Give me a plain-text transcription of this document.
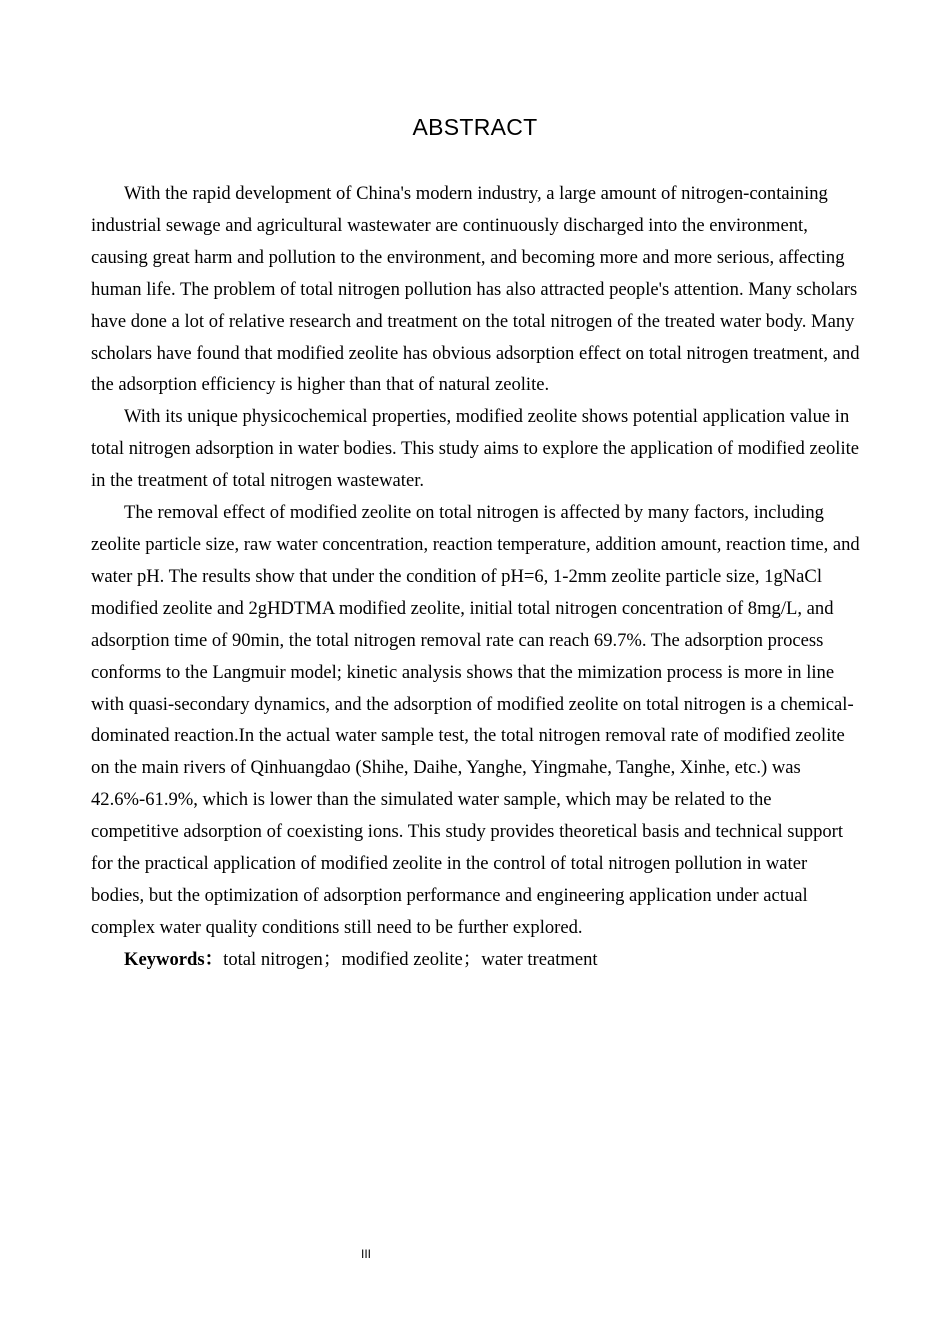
ABSTRACT

With the rapid development of China's modern industry, a large amount of nitrogen-containing industrial sewage and agricultural wastewater are continuously discharged into the environment, causing great harm and pollution to the environment, and becoming more and more serious, affecting human life. The problem of total nitrogen pollution has also attracted people's attention. Many scholars have done a lot of relative research and treatment on the total nitrogen of the treated water body. Many scholars have found that modified zeolite has obvious adsorption effect on total nitrogen treatment, and the adsorption efficiency is higher than that of natural zeolite.

With its unique physicochemical properties, modified zeolite shows potential application value in total nitrogen adsorption in water bodies. This study aims to explore the application of modified zeolite in the treatment of total nitrogen wastewater.

The removal effect of modified zeolite on total nitrogen is affected by many factors, including zeolite particle size, raw water concentration, reaction temperature, addition amount, reaction time, and water pH. The results show that under the condition of pH=6, 1-2mm zeolite particle size, 1gNaCl modified zeolite and 2gHDTMA modified zeolite, initial total nitrogen concentration of 8mg/L, and adsorption time of 90min, the total nitrogen removal rate can reach 69.7%. The adsorption process conforms to the Langmuir model; kinetic analysis shows that the mimization process is more in line with quasi-secondary dynamics, and the adsorption of modified zeolite on total nitrogen is a chemical-dominated reaction.In the actual water sample test, the total nitrogen removal rate of modified zeolite on the main rivers of Qinhuangdao (Shihe, Daihe, Yanghe, Yingmahe, Tanghe, Xinhe, etc.) was 42.6%-61.9%, which is lower than the simulated water sample, which may be related to the competitive adsorption of coexisting ions. This study provides theoretical basis and technical support for the practical application of modified zeolite in the control of total nitrogen pollution in water bodies, but the optimization of adsorption performance and engineering application under actual complex water quality conditions still need to be further explored.

Keywords：total nitrogen；modified zeolite；water treatment

III
